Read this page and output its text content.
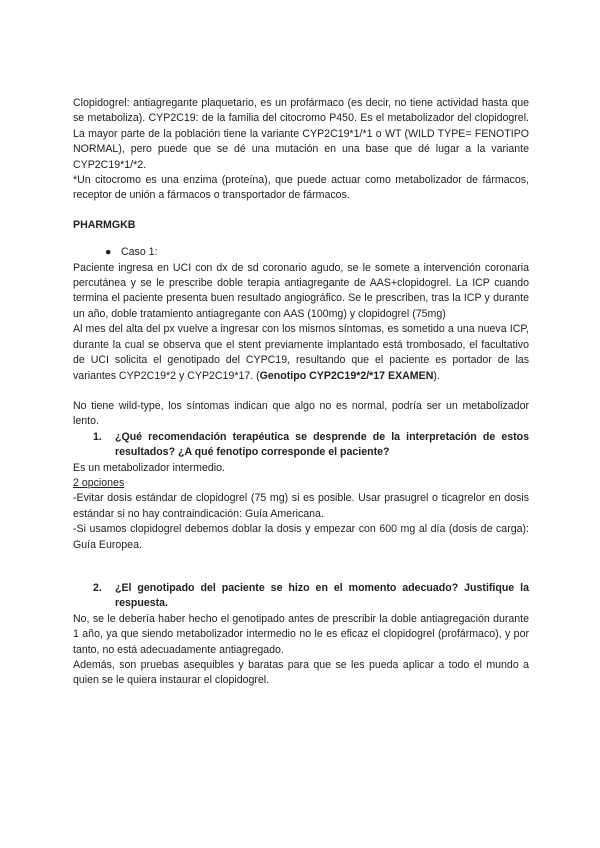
Clopidogrel: antiagregante plaquetario, es un profármaco (es decir, no tiene actividad hasta que se metaboliza). CYP2C19: de la familia del citocromo P450. Es el metabolizador del clopidogrel. La mayor parte de la población tiene la variante CYP2C19*1/*1 o WT (WILD TYPE= FENOTIPO NORMAL), pero puede que se dé una mutación en una base que dé lugar a la variante CYP2C19*1/*2.

*Un citocromo es una enzima (proteína), que puede actuar como metabolizador de fármacos, receptor de unión a fármacos o transportador de fármacos.

PHARMGKB

● Caso 1:

Paciente ingresa en UCI con dx de sd coronario agudo, se le somete a intervención coronaria percutánea y se le prescribe doble terapia antiagregante de AAS+clopidogrel. La ICP cuando termina el paciente presenta buen resultado angiográfico. Se le prescriben, tras la ICP y durante un año, doble tratamiento antiagregante con AAS (100mg) y clopidogrel (75mg)

Al mes del alta del px vuelve a ingresar con los mismos síntomas, es sometido a una nueva ICP, durante la cual se observa que el stent previamente implantado está trombosado, el facultativo de UCI solicita el genotipado del CYPC19, resultando que el paciente es portador de las variantes CYP2C19*2 y CYP2C19*17. (Genotipo CYP2C19*2/*17 EXAMEN).

No tiene wild-type, los síntomas indican que algo no es normal, podría ser un metabolizador lento.

1.	¿Qué recomendación terapéutica se desprende de la interpretación de estos resultados? ¿A qué fenotipo corresponde el paciente?

Es un metabolizador intermedio.

2 opciones

-Evitar dosis estándar de clopidogrel (75 mg) si es posible. Usar prasugrel o ticagrelor en dosis estándar si no hay contraindicación: Guía Americana.

-Si usamos clopidogrel debemos doblar la dosis y empezar con 600 mg al día (dosis de carga): Guía Europea.

2.	¿El genotipado del paciente se hizo en el momento adecuado? Justifique la respuesta.

No, se le debería haber hecho el genotipado antes de prescribir la doble antiagregación durante 1 año, ya que siendo metabolizador intermedio no le es eficaz el clopidogrel (profármaco), y por tanto, no está adecuadamente antiagregado.

Además, son pruebas asequibles y baratas para que se les pueda aplicar a todo el mundo a quien se le quiera instaurar el clopidogrel.
